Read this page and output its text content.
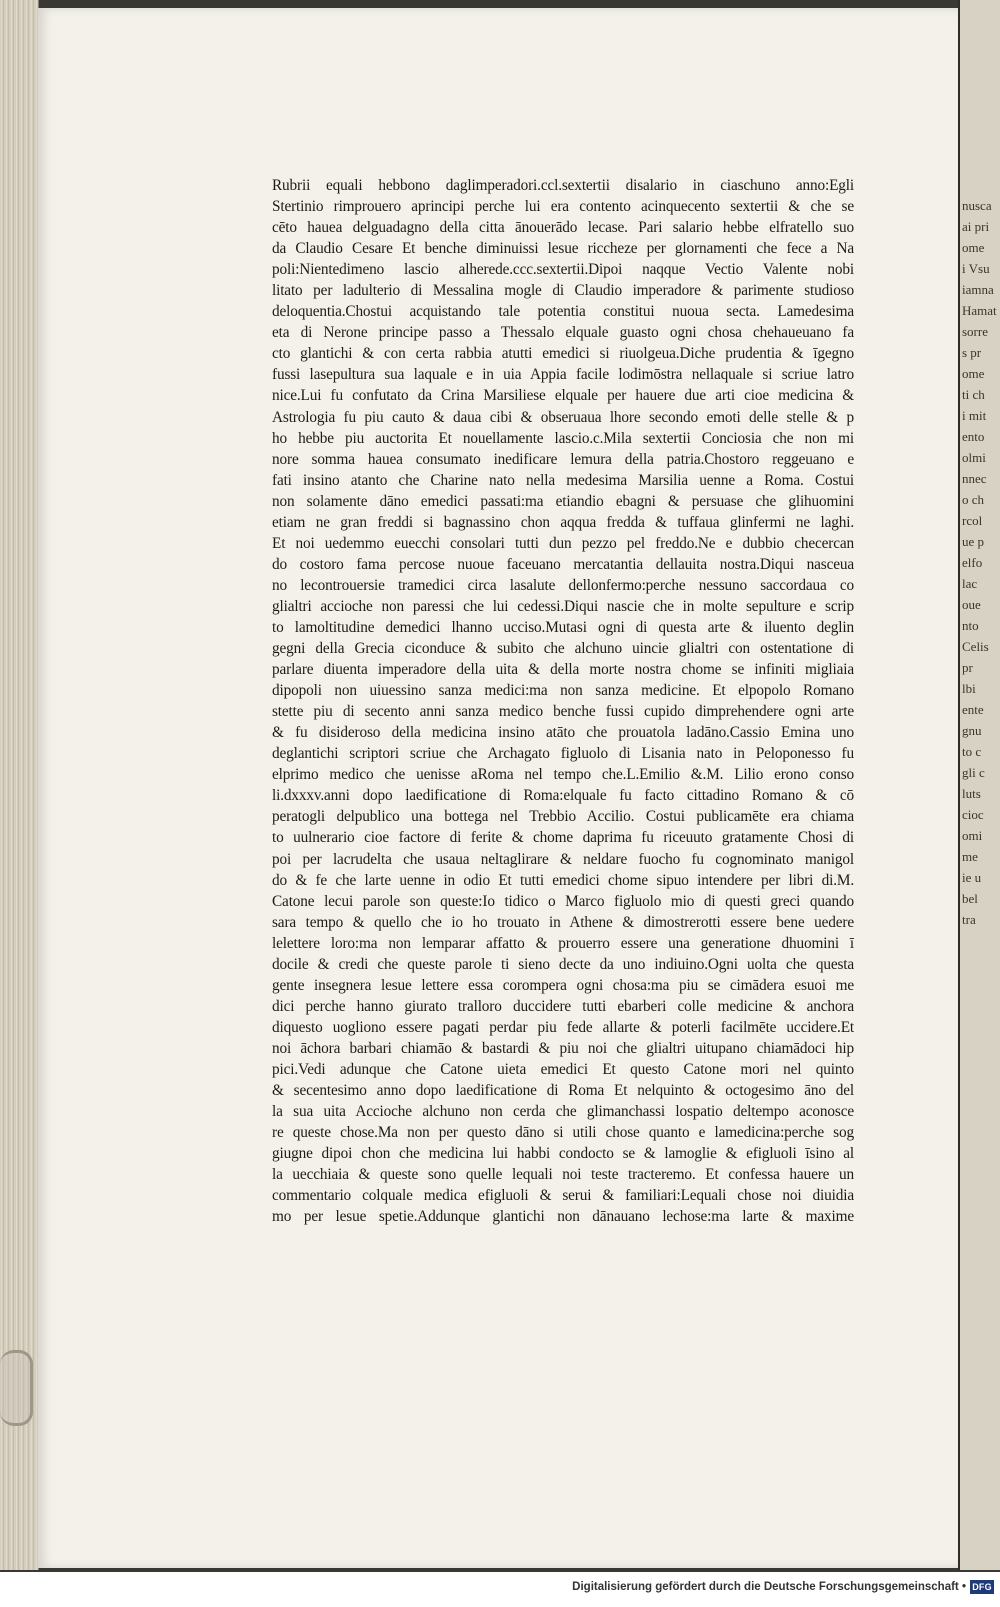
Rubrii equali hebbono daglimperadori.ccl.sextertii disalario in ciaschuno anno:Egli
Stertinio rimprouero aprincipi perche lui era contento acinquecento sextertii & che se
cēto hauea delguadagno della citta ānouerādo lecase. Pari salario hebbe elfratello suo
da Claudio Cesare Et benche diminuissi lesue ricchezе per glornamenti che fece a Na
poli:Nientedimeno lascio alherede.ccc.sextertii.Dipoi naqque Vectio Valente nobi
litato per ladulterio di Messalina mogle di Claudio imperadore & parimente studioso
deloquentia.Chostui acquistando tale potentia constitui nuoua secta. Lamedesima
eta di Nerone principe passo a Thessalo elquale guasto ogni chosa chehaueuano fa
cto glantichi & con certa rabbia atutti emedici si riuolgeua.Diche prudentia & īgegno
fussi lasepultura sua laquale e in uia Appia facile lodimōstra nellaquale si scriue latro
nice.Lui fu confutato da Crina Marsiliese elquale per hauere due arti cioe medicina &
Astrologia fu piu cauto & daua cibi & obseruaua lhore secondo emoti delle stelle & p
ho hebbe piu auctorita Et nouellamente lascio.c.Mila sextertii Conciosia che non mi
nore somma hauea consumato inedificare lemura della patria.Chostoro reggeuano e
fati insino atanto che Charine nato nella medesima Marsilia uenne a Roma. Costui
non solamente dāno emedici passati:ma etiandio ebagni & persuase che glihuomini
etiam ne gran freddi si bagnassino chon aqqua fredda & tuffaua glinfermi ne laghi.
Et noi uedemmo euecchi consolari tutti dun pezzo pel freddo.Ne e dubbio checercan
do costoro fama percose nuoue faceuano mercatantia dellauita nostra.Diqui nasceua
no lecontrouersie tramedici circa lasalute dellonfermo:perche nessuno saccordaua co
glialtri accioche non paressi che lui cedessi.Diqui nascie che in molte sepulture e scrip
to lamoltitudine demedici lhanno ucciso.Mutasi ogni di questa arte & iluento deglin
gegni della Grecia ciconduce & subito che alchuno uincie glialtri con ostentatione di
parlare diuenta imperadore della uita & della morte nostra chome se infiniti migliaia
dipopoli non uiuessino sanza medici:ma non sanza medicine. Et elpopolo Romano
stette piu di secento anni sanza medico benche fussi cupido dimprehendere ogni arte
& fu disideroso della medicina insino atāto che prouatola ladāno.Cassio Emina uno
deglantichi scriptori scriue che Archagato figluolo di Lisania nato in Peloponesso fu
elprimo medico che uenisse aRoma nel tempo che.L.Emilio &.M. Lilio erono conso
li.dxxxv.anni dopo laedificatione di Roma:elquale fu facto cittadino Romano & cō
peratogli delpublico una bottega nel Trebbio Accilio. Costui publicamēte era chiama
to uulnerario cioe factore di ferite & chome daprima fu riceuuto gratamente Chosi di
poi per lacrudelta che usaua neltaglirare & neldare fuocho fu cognominato manigol
do & fe che larte uenne in odio Et tutti emedici chome sipuo intendere per libri di.M.
Catone lecui parole son queste:Io tidico o Marco figluolo mio di questi greci quando
sara tempo & quello che io ho trouato in Athene & dimostrerotti essere bene uedere
lelettere loro:ma non lemparar affatto & prouerro essere una generatione dhuomini ī
docile & credi che queste parole ti sieno decte da uno indiuino.Ogni uolta che questa
gente insegnera lesue lettere essa corompera ogni chosa:ma piu se cimādera esuoi me
dici perche hanno giurato trallоro duccidere tutti ebarberi colle medicine & anchora
diquesto uogliono essere pagati perdar piu fede allarte & poterli facilmēte uccidere.Et
noi āchora barbari chiamāo & bastardi & piu noi che glialtri uitupano chiamādoci hip
pici.Vedi adunque che Catone uieta emedici Et questo Catone mori nel quinto
& secentesimo anno dopo laedificatione di Roma Et nelquinto & octogesimo āno del
la sua uita Accioche alchuno non cerda che glimanchassi lospatio deltempo aconosce
re queste chose.Ma non per questo dāno si utili chose quanto e lamedicina:perche sog
giugne dipoi chon che medicina lui habbi condocto se & lamoglie & efigluoli īsino al
la uecchiaia & queste sono quelle lequali noi teste tracteremo. Et confessa hauere un
commentario colquale medica efigluoli & serui & familiari:Lequali chose noi diuidia
mo per lesue spetie.Addunque glantichi non dānauano lechose:ma larte & maxime
nusca
ai pri
ome
i Vsu
iamna
Hamat
sorre
s pr
ome
ti ch
i mit
ento
olmi
nnec
o ch
rcol
ue p
elfo
lac
oue
nto
Celis
pr
lbi
ente
gnu
to c
gli c
luts
cioc
omi
me
ie u
bel
tra
Digitalisierung gefördert durch die Deutsche Forschungsgemeinschaft • DFG
